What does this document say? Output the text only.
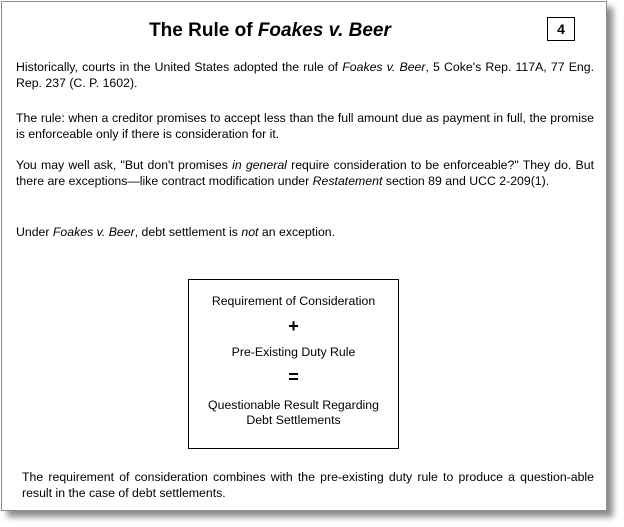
The Rule of Foakes v. Beer	4

Historically, courts in the United States adopted the rule of Foakes v. Beer, 5 Coke's Rep. 117A, 77 Eng. Rep. 237 (C. P. 1602).

The rule: when a creditor promises to accept less than the full amount due as payment in full, the promise is enforceable only if there is consideration for it.

You may well ask, "But don't promises in general require consideration to be enforceable?" They do. But there are exceptions—like contract modification under Restatement section 89 and UCC 2-209(1).

Under Foakes v. Beer, debt settlement is not an exception.

Requirement of Consideration
+
Pre-Existing Duty Rule
=
Questionable Result Regarding
Debt Settlements

The requirement of consideration combines with the pre-existing duty rule to produce a question-able result in the case of debt settlements.
